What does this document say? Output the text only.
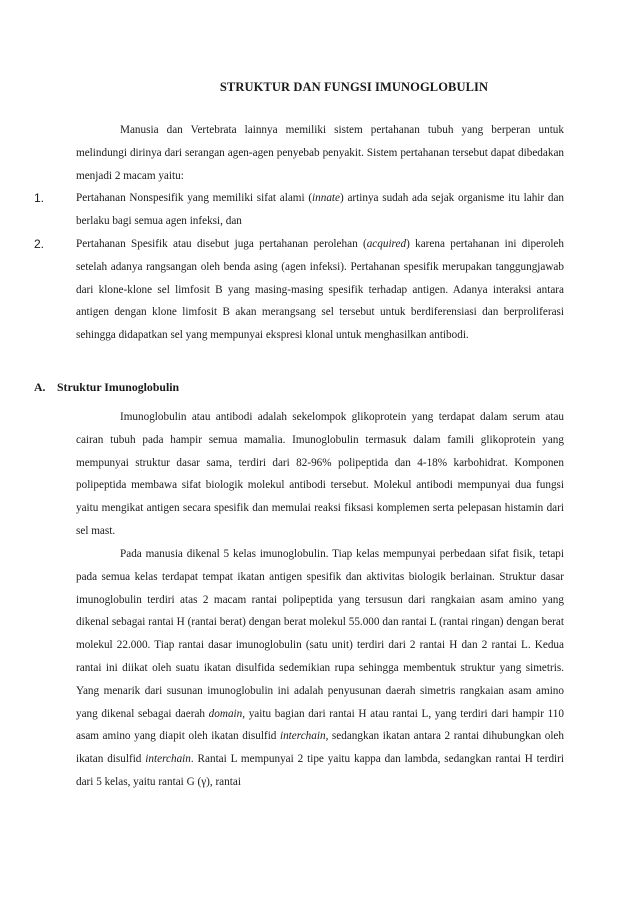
STRUKTUR DAN FUNGSI IMUNOGLOBULIN

Manusia dan Vertebrata lainnya memiliki sistem pertahanan tubuh yang berperan untuk melindungi dirinya dari serangan agen-agen penyebab penyakit. Sistem pertahanan tersebut dapat dibedakan menjadi 2 macam yaitu:

1.	Pertahanan Nonspesifik yang memiliki sifat alami (innate) artinya sudah ada sejak organisme itu lahir dan berlaku bagi semua agen infeksi, dan
2.	Pertahanan Spesifik atau disebut juga pertahanan perolehan (acquired) karena pertahanan ini diperoleh setelah adanya rangsangan oleh benda asing (agen infeksi). Pertahanan spesifik merupakan tanggungjawab dari klone-klone sel limfosit B yang masing-masing spesifik terhadap antigen. Adanya interaksi antara antigen dengan klone limfosit B akan merangsang sel tersebut untuk berdiferensiasi dan berproliferasi sehingga didapatkan sel yang mempunyai ekspresi klonal untuk menghasilkan antibodi.
A. Struktur Imunoglobulin

Imunoglobulin atau antibodi adalah sekelompok glikoprotein yang terdapat dalam serum atau cairan tubuh pada hampir semua mamalia. Imunoglobulin termasuk dalam famili glikoprotein yang mempunyai struktur dasar sama, terdiri dari 82-96% polipeptida dan 4-18% karbohidrat. Komponen polipeptida membawa sifat biologik molekul antibodi tersebut. Molekul antibodi mempunyai dua fungsi yaitu mengikat antigen secara spesifik dan memulai reaksi fiksasi komplemen serta pelepasan histamin dari sel mast.

Pada manusia dikenal 5 kelas imunoglobulin. Tiap kelas mempunyai perbedaan sifat fisik, tetapi pada semua kelas terdapat tempat ikatan antigen spesifik dan aktivitas biologik berlainan. Struktur dasar imunoglobulin terdiri atas 2 macam rantai polipeptida yang tersusun dari rangkaian asam amino yang dikenal sebagai rantai H (rantai berat) dengan berat molekul 55.000 dan rantai L (rantai ringan) dengan berat molekul 22.000. Tiap rantai dasar imunoglobulin (satu unit) terdiri dari 2 rantai H dan 2 rantai L. Kedua rantai ini diikat oleh suatu ikatan disulfida sedemikian rupa sehingga membentuk struktur yang simetris. Yang menarik dari susunan imunoglobulin ini adalah penyusunan daerah simetris rangkaian asam amino yang dikenal sebagai daerah domain, yaitu bagian dari rantai H atau rantai L, yang terdiri dari hampir 110 asam amino yang diapit oleh ikatan disulfid interchain, sedangkan ikatan antara 2 rantai dihubungkan oleh ikatan disulfid interchain. Rantai L mempunyai 2 tipe yaitu kappa dan lambda, sedangkan rantai H terdiri dari 5 kelas, yaitu rantai G (γ), rantai
